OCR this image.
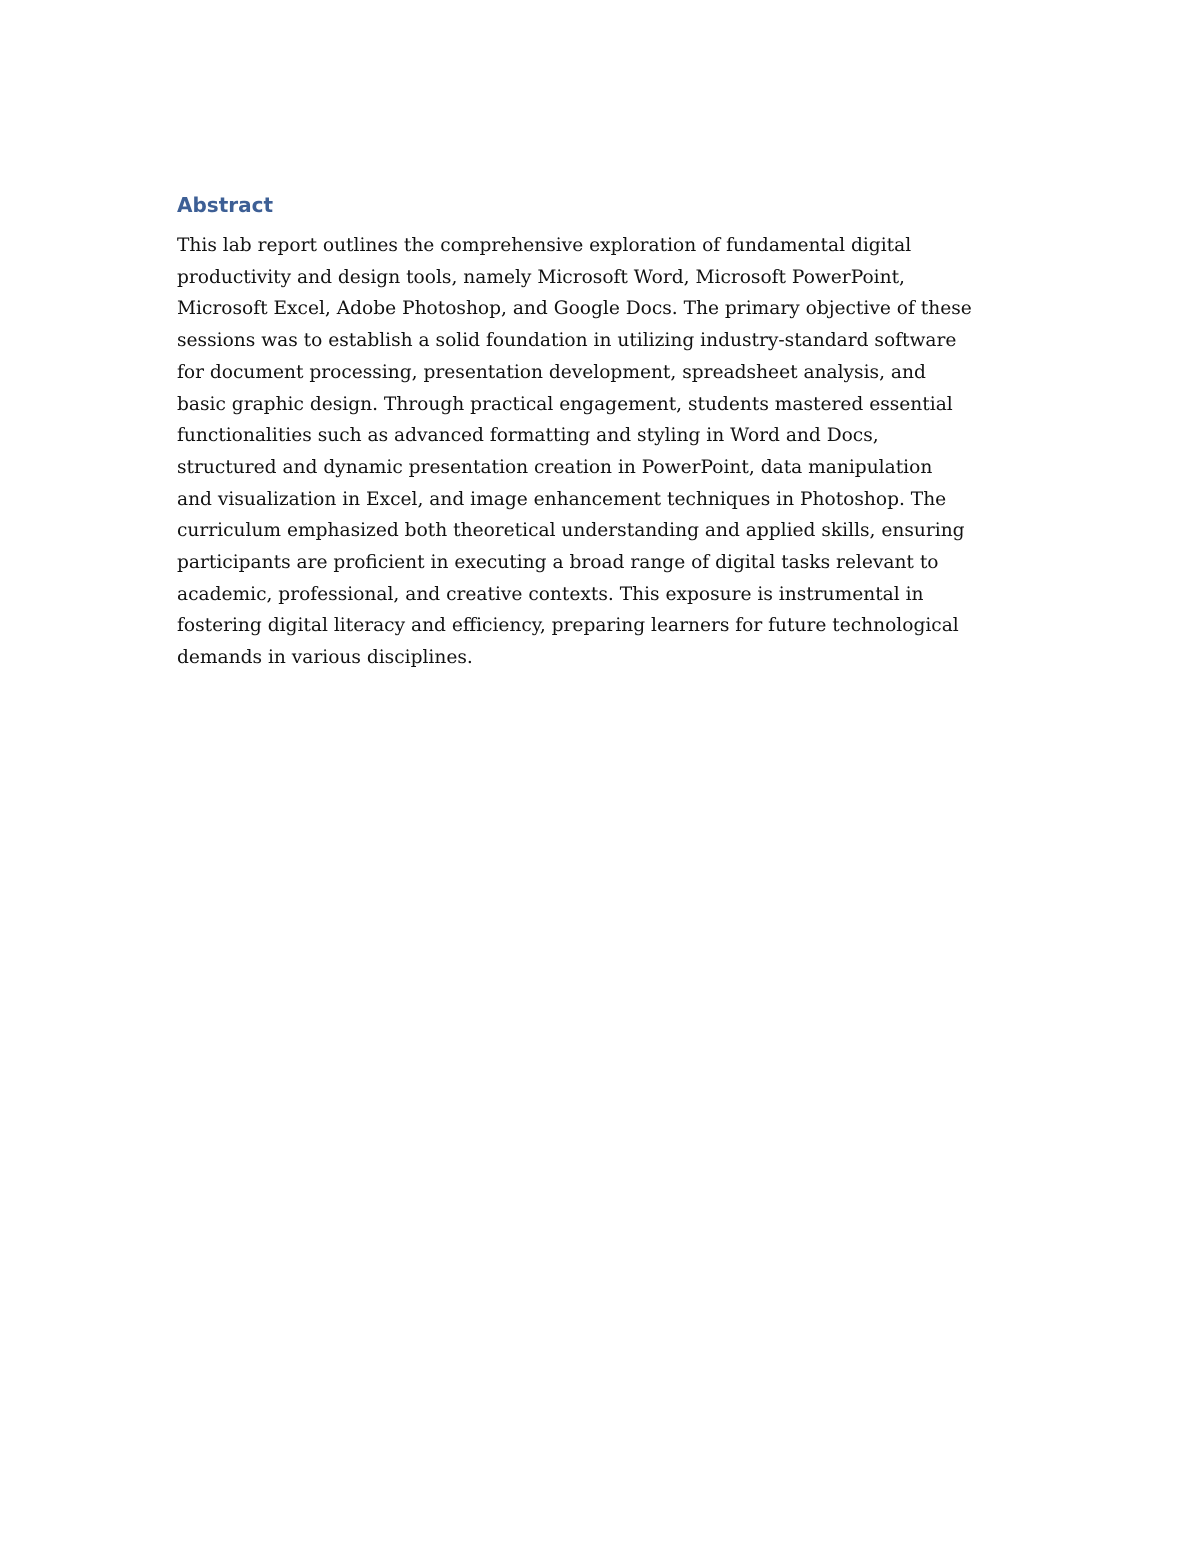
Abstract

This lab report outlines the comprehensive exploration of fundamental digital

productivity and design tools, namely Microsoft Word, Microsoft PowerPoint,

Microsoft Excel, Adobe Photoshop, and Google Docs. The primary objective of these

sessions was to establish a solid foundation in utilizing industry-standard software

for document processing, presentation development, spreadsheet analysis, and

basic graphic design. Through practical engagement, students mastered essential

functionalities such as advanced formatting and styling in Word and Docs,

structured and dynamic presentation creation in PowerPoint, data manipulation

and visualization in Excel, and image enhancement techniques in Photoshop. The

curriculum emphasized both theoretical understanding and applied skills, ensuring

participants are proficient in executing a broad range of digital tasks relevant to

academic, professional, and creative contexts. This exposure is instrumental in

fostering digital literacy and efficiency, preparing learners for future technological

demands in various disciplines.
